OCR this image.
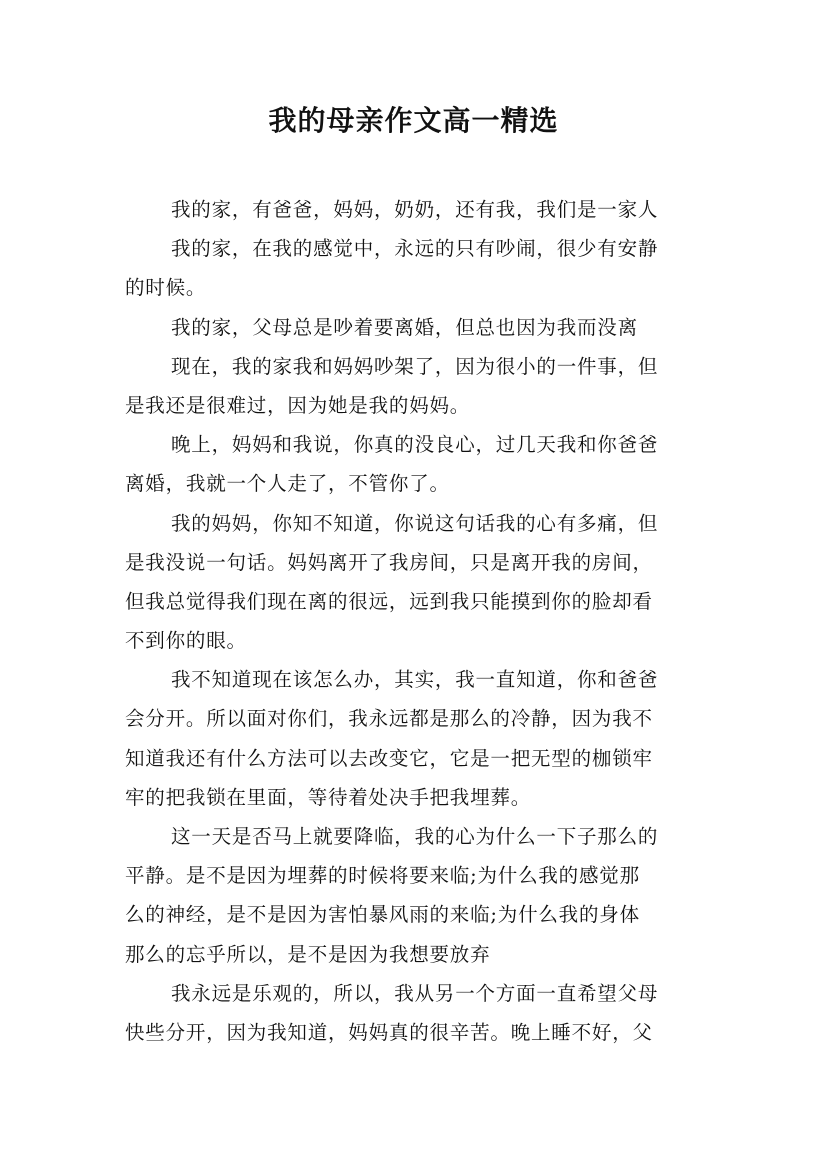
我的母亲作文高一精选
我的家，有爸爸，妈妈，奶奶，还有我，我们是一家人
我的家，在我的感觉中，永远的只有吵闹，很少有安静
的时候。
我的家，父母总是吵着要离婚，但总也因为我而没离
现在，我的家我和妈妈吵架了，因为很小的一件事，但
是我还是很难过，因为她是我的妈妈。
晚上，妈妈和我说，你真的没良心，过几天我和你爸爸
离婚，我就一个人走了，不管你了。
我的妈妈，你知不知道，你说这句话我的心有多痛，但
是我没说一句话。妈妈离开了我房间，只是离开我的房间，
但我总觉得我们现在离的很远，远到我只能摸到你的脸却看
不到你的眼。
我不知道现在该怎么办，其实，我一直知道，你和爸爸
会分开。所以面对你们，我永远都是那么的冷静，因为我不
知道我还有什么方法可以去改变它，它是一把无型的枷锁牢
牢的把我锁在里面，等待着处决手把我埋葬。
这一天是否马上就要降临，我的心为什么一下子那么的
平静。是不是因为埋葬的时候将要来临;为什么我的感觉那
么的神经，是不是因为害怕暴风雨的来临;为什么我的身体
那么的忘乎所以，是不是因为我想要放弃
我永远是乐观的，所以，我从另一个方面一直希望父母
快些分开，因为我知道，妈妈真的很辛苦。晚上睡不好，父
